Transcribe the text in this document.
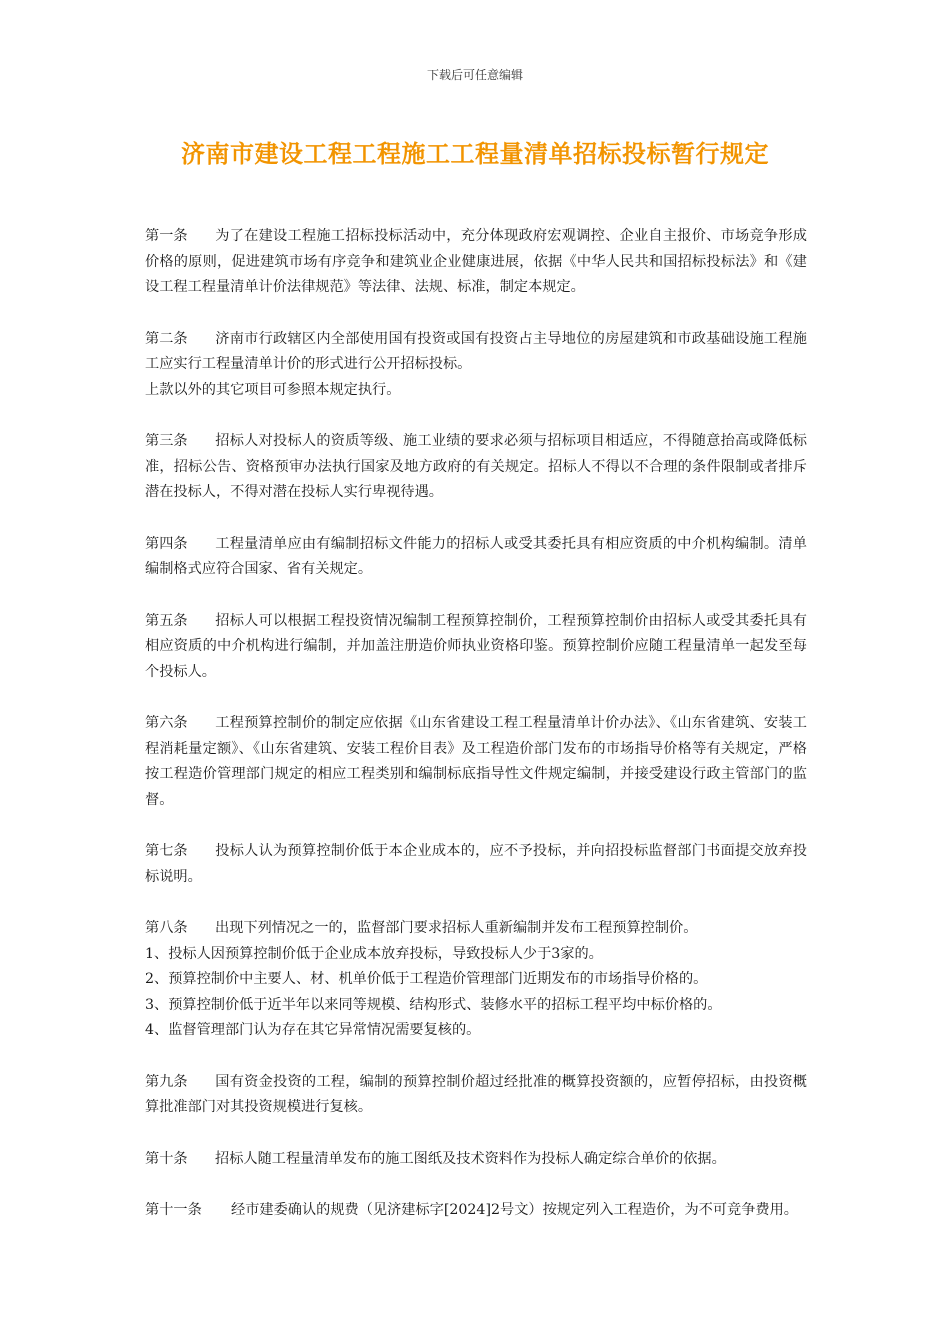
下载后可任意编辑
济南市建设工程工程施工工程量清单招标投标暂行规定
第一条 为了在建设工程施工招标投标活动中，充分体现政府宏观调控、企业自主报价、市场竞争形成价格的原则，促进建筑市场有序竞争和建筑业企业健康进展，依据《中华人民共和国招标投标法》和《建设工程工程量清单计价法律规范》等法律、法规、标准，制定本规定。
第二条 济南市行政辖区内全部使用国有投资或国有投资占主导地位的房屋建筑和市政基础设施工程施工应实行工程量清单计价的形式进行公开招标投标。
上款以外的其它项目可参照本规定执行。
第三条 招标人对投标人的资质等级、施工业绩的要求必须与招标项目相适应，不得随意抬高或降低标准，招标公告、资格预审办法执行国家及地方政府的有关规定。招标人不得以不合理的条件限制或者排斥潜在投标人，不得对潜在投标人实行卑视待遇。
第四条 工程量清单应由有编制招标文件能力的招标人或受其委托具有相应资质的中介机构编制。清单编制格式应符合国家、省有关规定。
第五条 招标人可以根据工程投资情况编制工程预算控制价，工程预算控制价由招标人或受其委托具有相应资质的中介机构进行编制，并加盖注册造价师执业资格印鉴。预算控制价应随工程量清单一起发至每个投标人。
第六条 工程预算控制价的制定应依据《山东省建设工程工程量清单计价办法》、《山东省建筑、安装工程消耗量定额》、《山东省建筑、安装工程价目表》及工程造价部门发布的市场指导价格等有关规定，严格按工程造价管理部门规定的相应工程类别和编制标底指导性文件规定编制，并接受建设行政主管部门的监督。
第七条 投标人认为预算控制价低于本企业成本的，应不予投标，并向招投标监督部门书面提交放弃投标说明。
第八条 出现下列情况之一的，监督部门要求招标人重新编制并发布工程预算控制价。
1、投标人因预算控制价低于企业成本放弃投标，导致投标人少于3家的。
2、预算控制价中主要人、材、机单价低于工程造价管理部门近期发布的市场指导价格的。
3、预算控制价低于近半年以来同等规模、结构形式、装修水平的招标工程平均中标价格的。
4、监督管理部门认为存在其它异常情况需要复核的。
第九条 国有资金投资的工程，编制的预算控制价超过经批准的概算投资额的，应暂停招标，由投资概算批准部门对其投资规模进行复核。
第十条 招标人随工程量清单发布的施工图纸及技术资料作为投标人确定综合单价的依据。
第十一条 经市建委确认的规费（见济建标字[2024]2号文）按规定列入工程造价，为不可竞争费用。
